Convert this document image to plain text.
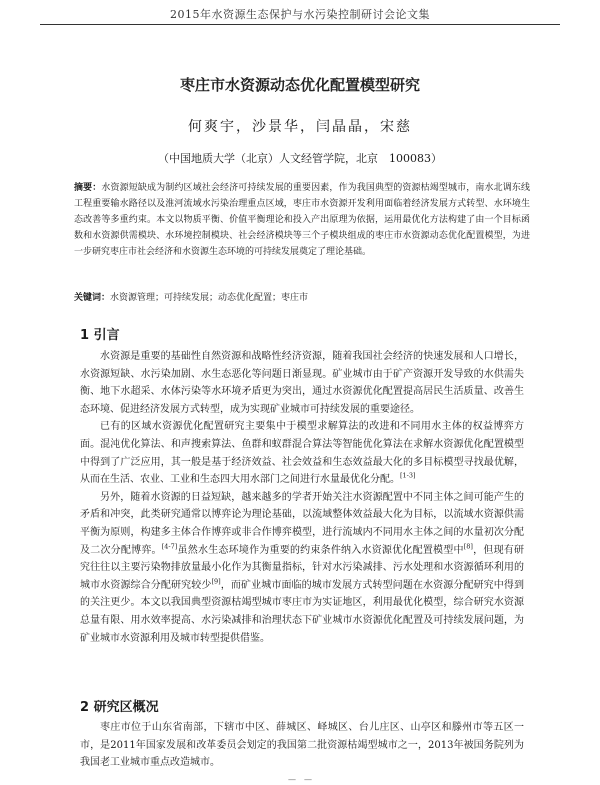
2015年水资源生态保护与水污染控制研讨会论文集
枣庄市水资源动态优化配置模型研究
何爽宇，沙景华，闫晶晶，宋慈
（中国地质大学（北京）人文经管学院，北京　100083）
摘要：水资源短缺成为制约区域社会经济可持续发展的重要因素，作为我国典型的资源枯竭型城市，南水北调东线工程重要输水路径以及淮河流域水污染治理重点区域，枣庄市水资源开发利用面临着经济发展方式转型、水环境生态改善等多重约束。本文以物质平衡、价值平衡理论和投入产出原理为依据，运用最优化方法构建了由一个目标函数和水资源供需模块、水环境控制模块、社会经济模块等三个子模块组成的枣庄市水资源动态优化配置模型，为进一步研究枣庄市社会经济和水资源生态环境的可持续发展奠定了理论基础。
关键词：水资源管理；可持续发展；动态优化配置；枣庄市
1 引言

水资源是重要的基础性自然资源和战略性经济资源，随着我国社会经济的快速发展和人口增长，水资源短缺、水污染加剧、水生态恶化等问题日渐显现。矿业城市由于矿产资源开发导致的水供需失衡、地下水超采、水体污染等水环境矛盾更为突出，通过水资源优化配置提高居民生活质量、改善生态环境、促进经济发展方式转型，成为实现矿业城市可持续发展的重要途径。

已有的区域水资源优化配置研究主要集中于模型求解算法的改进和不同用水主体的权益博弈方面。混沌优化算法、和声搜索算法、鱼群和蚁群混合算法等智能优化算法在求解水资源优化配置模型中得到了广泛应用，其一般是基于经济效益、社会效益和生态效益最大化的多目标模型寻找最优解，从而在生活、农业、工业和生态四大用水部门之间进行水量最优化分配。[1-3]

另外，随着水资源的日益短缺，越来越多的学者开始关注水资源配置中不同主体之间可能产生的矛盾和冲突，此类研究通常以博弈论为理论基础，以流域整体效益最大化为目标，以流域水资源供需平衡为原则，构建多主体合作博弈或非合作博弈模型，进行流域内不同用水主体之间的水量初次分配及二次分配博弈。[4-7]虽然水生态环境作为重要的约束条件纳入水资源优化配置模型中[8]，但现有研究往往以主要污染物排放量最小化作为其衡量指标，针对水污染减排、污水处理和水资源循环利用的城市水资源综合分配研究较少[9]，而矿业城市面临的城市发展方式转型问题在水资源分配研究中得到的关注更少。本文以我国典型资源枯竭型城市枣庄市为实证地区，利用最优化模型，综合研究水资源总量有限、用水效率提高、水污染减排和治理状态下矿业城市水资源优化配置及可持续发展问题，为矿业城市水资源利用及城市转型提供借鉴。

2 研究区概况

枣庄市位于山东省南部，下辖市中区、薛城区、峄城区、台儿庄区、山亭区和滕州市等五区一市，是2011年国家发展和改革委员会划定的我国第二批资源枯竭型城市之一，2013年被国务院列为我国老工业城市重点改造城市。

—　—
